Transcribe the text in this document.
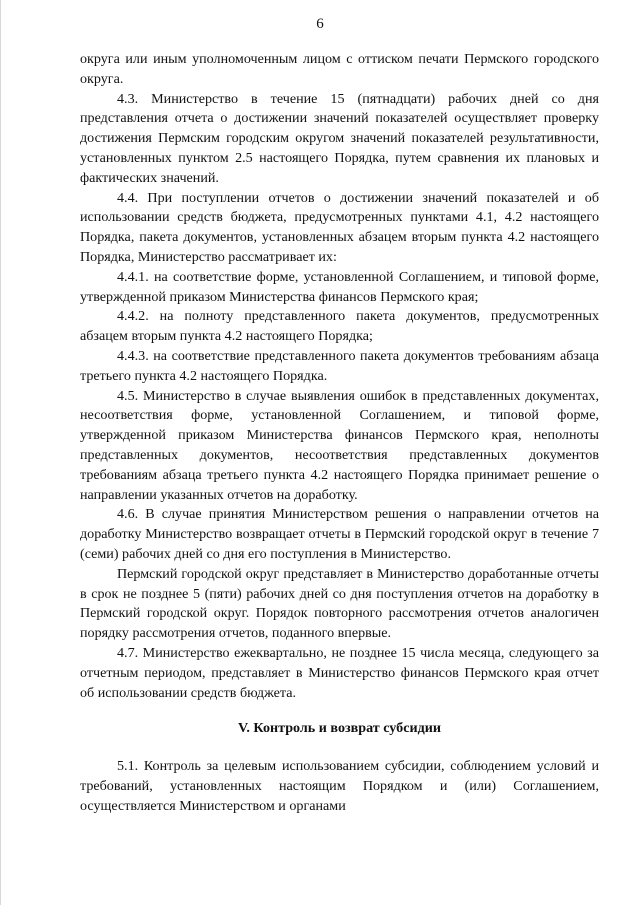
6

округа или иным уполномоченным лицом с оттиском печати Пермского городского округа.

4.3. Министерство в течение 15 (пятнадцати) рабочих дней со дня представления отчета о достижении значений показателей осуществляет проверку достижения Пермским городским округом значений показателей результативности, установленных пунктом 2.5 настоящего Порядка, путем сравнения их плановых и фактических значений.

4.4. При поступлении отчетов о достижении значений показателей и об использовании средств бюджета, предусмотренных пунктами 4.1, 4.2 настоящего Порядка, пакета документов, установленных абзацем вторым пункта 4.2 настоящего Порядка, Министерство рассматривает их:

4.4.1. на соответствие форме, установленной Соглашением, и типовой форме, утвержденной приказом Министерства финансов Пермского края;

4.4.2. на полноту представленного пакета документов, предусмотренных абзацем вторым пункта 4.2 настоящего Порядка;

4.4.3. на соответствие представленного пакета документов требованиям абзаца третьего пункта 4.2 настоящего Порядка.

4.5. Министерство в случае выявления ошибок в представленных документах, несоответствия форме, установленной Соглашением, и типовой форме, утвержденной приказом Министерства финансов Пермского края, неполноты представленных документов, несоответствия представленных документов требованиям абзаца третьего пункта 4.2 настоящего Порядка принимает решение о направлении указанных отчетов на доработку.

4.6. В случае принятия Министерством решения о направлении отчетов на доработку Министерство возвращает отчеты в Пермский городской округ в течение 7 (семи) рабочих дней со дня его поступления в Министерство.

Пермский городской округ представляет в Министерство доработанные отчеты в срок не позднее 5 (пяти) рабочих дней со дня поступления отчетов на доработку в Пермский городской округ. Порядок повторного рассмотрения отчетов аналогичен порядку рассмотрения отчетов, поданного впервые.

4.7. Министерство ежеквартально, не позднее 15 числа месяца, следующего за отчетным периодом, представляет в Министерство финансов Пермского края отчет об использовании средств бюджета.

V. Контроль и возврат субсидии

5.1. Контроль за целевым использованием субсидии, соблюдением условий и требований, установленных настоящим Порядком и (или) Соглашением, осуществляется Министерством и органами
